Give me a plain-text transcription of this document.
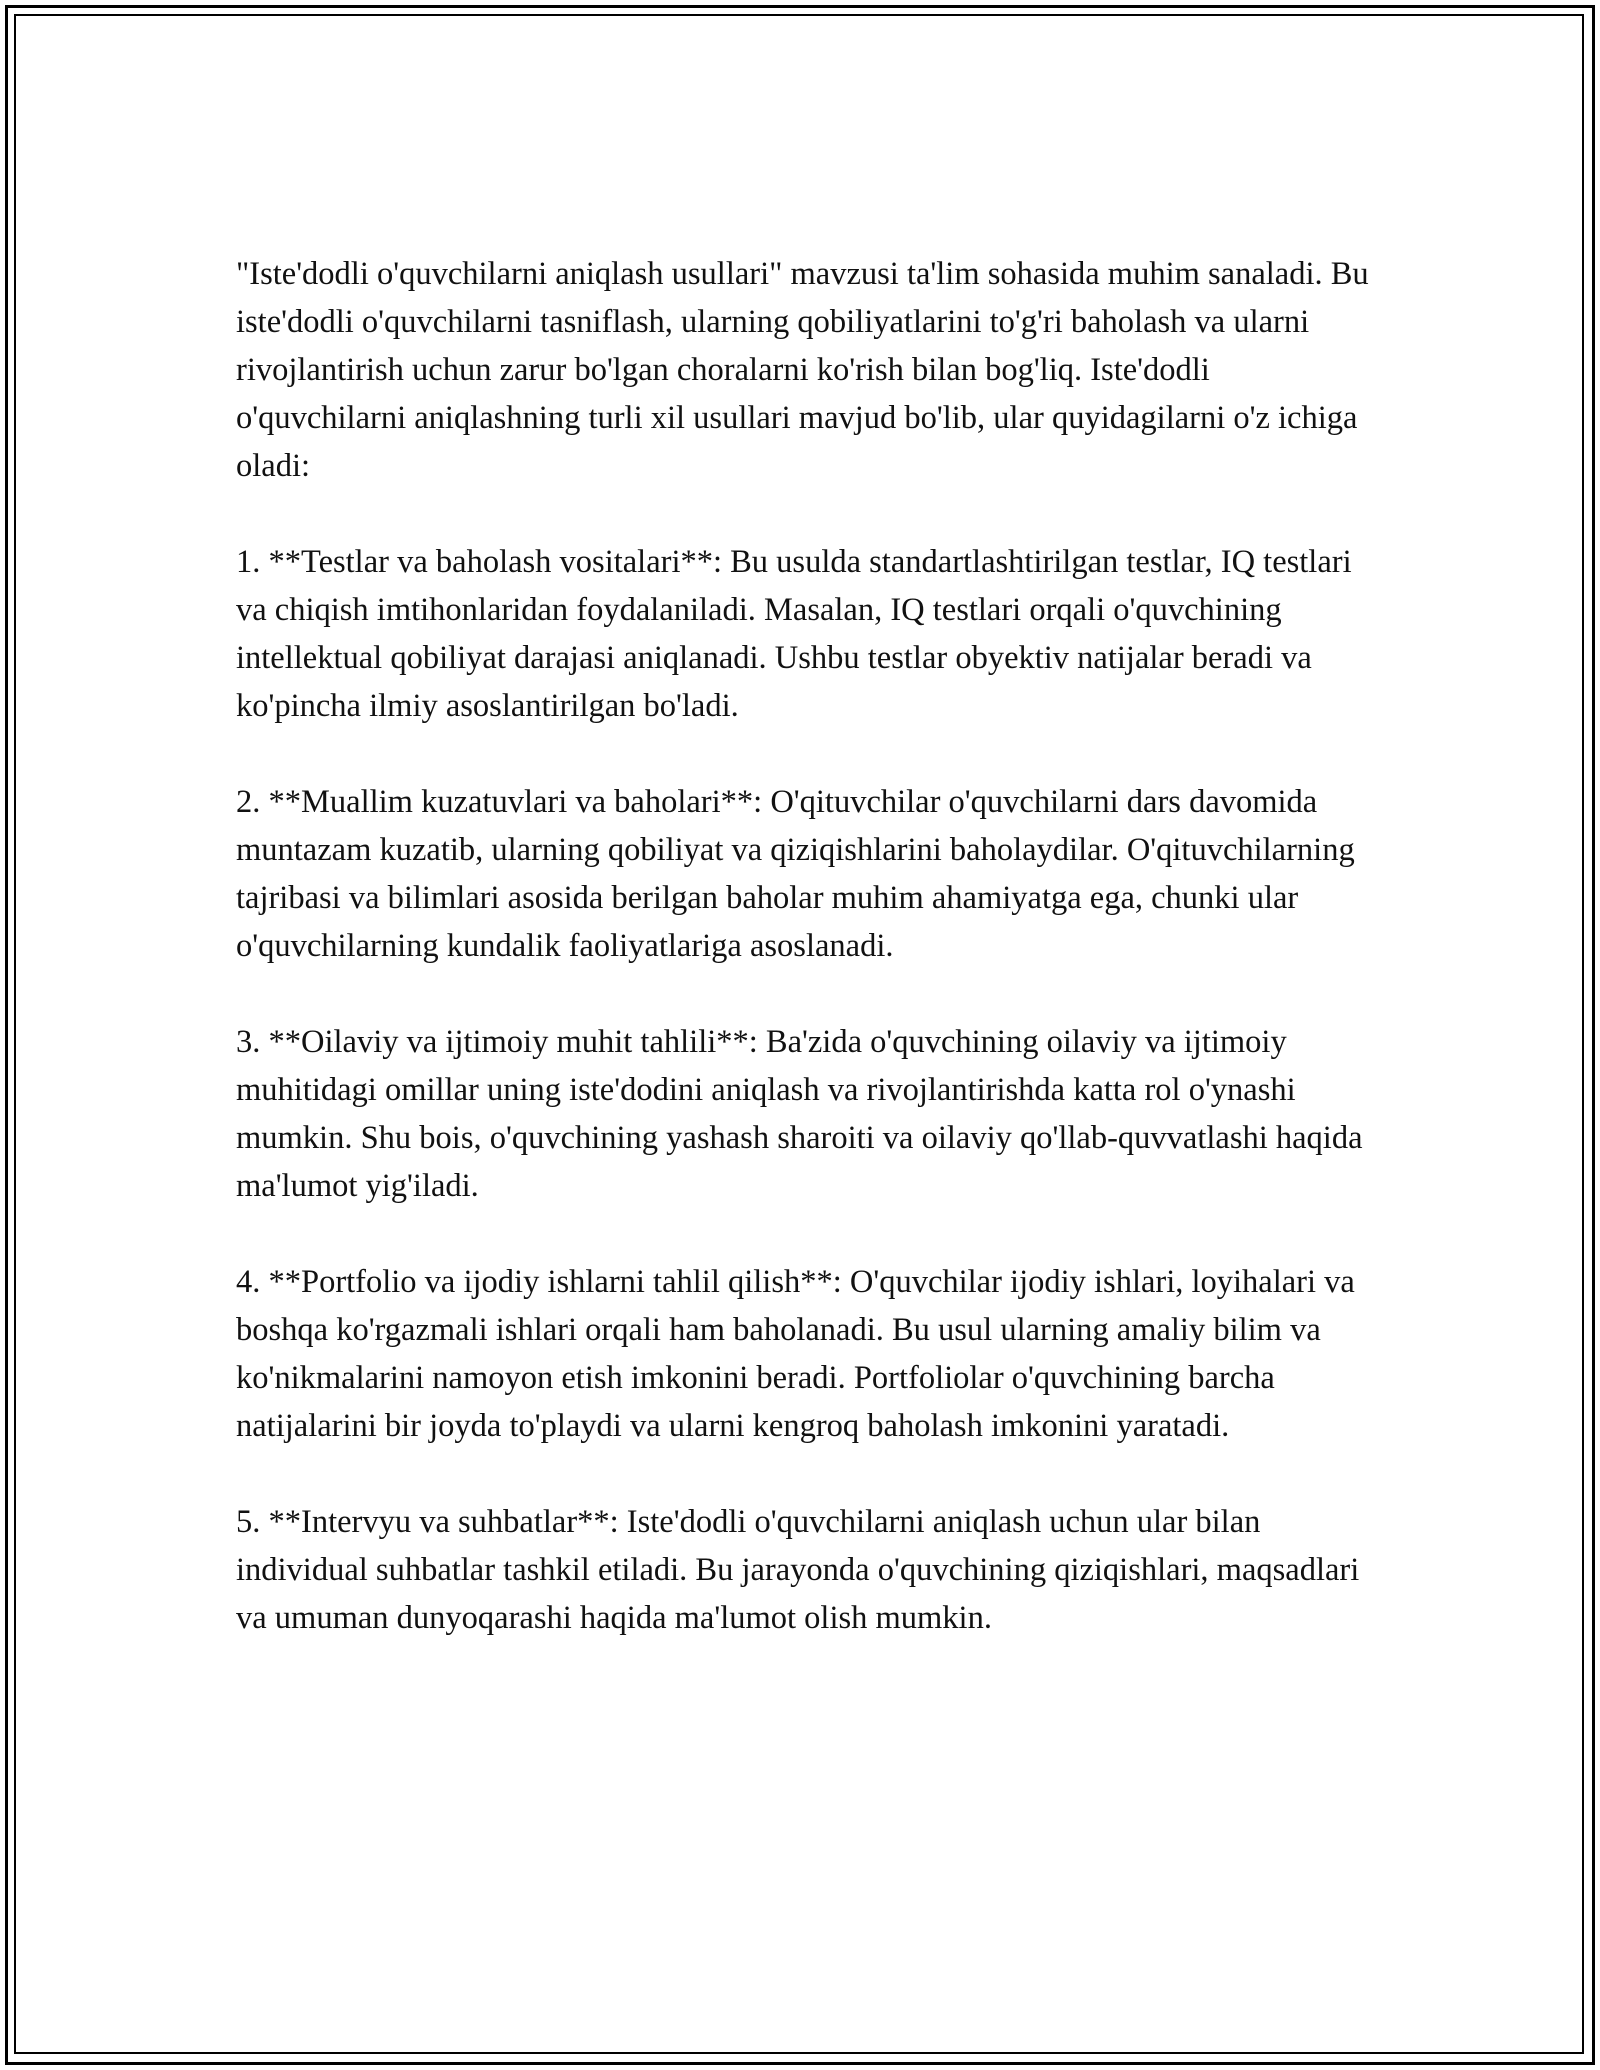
"Iste'dodli o'quvchilarni aniqlash usullari" mavzusi ta'lim sohasida muhim sanaladi. Bu iste'dodli o'quvchilarni tasniflash, ularning qobiliyatlarini to'g'ri baholash va ularni rivojlantirish uchun zarur bo'lgan choralarni ko'rish bilan bog'liq. Iste'dodli o'quvchilarni aniqlashning turli xil usullari mavjud bo'lib, ular quyidagilarni o'z ichiga oladi:

1. **Testlar va baholash vositalari**: Bu usulda standartlashtirilgan testlar, IQ testlari va chiqish imtihonlaridan foydalaniladi. Masalan, IQ testlari orqali o'quvchining intellektual qobiliyat darajasi aniqlanadi. Ushbu testlar obyektiv natijalar beradi va ko'pincha ilmiy asoslantirilgan bo'ladi.

2. **Muallim kuzatuvlari va baholari**: O'qituvchilar o'quvchilarni dars davomida muntazam kuzatib, ularning qobiliyat va qiziqishlarini baholaydilar. O'qituvchilarning tajribasi va bilimlari asosida berilgan baholar muhim ahamiyatga ega, chunki ular o'quvchilarning kundalik faoliyatlariga asoslanadi.

3. **Oilaviy va ijtimoiy muhit tahlili**: Ba'zida o'quvchining oilaviy va ijtimoiy muhitidagi omillar uning iste'dodini aniqlash va rivojlantirishda katta rol o'ynashi mumkin. Shu bois, o'quvchining yashash sharoiti va oilaviy qo'llab-quvvatlashi haqida ma'lumot yig'iladi.

4. **Portfolio va ijodiy ishlarni tahlil qilish**: O'quvchilar ijodiy ishlari, loyihalari va boshqa ko'rgazmali ishlari orqali ham baholanadi. Bu usul ularning amaliy bilim va ko'nikmalarini namoyon etish imkonini beradi. Portfoliolar o'quvchining barcha natijalarini bir joyda to'playdi va ularni kengroq baholash imkonini yaratadi.

5. **Intervyu va suhbatlar**: Iste'dodli o'quvchilarni aniqlash uchun ular bilan individual suhbatlar tashkil etiladi. Bu jarayonda o'quvchining qiziqishlari, maqsadlari va umuman dunyoqarashi haqida ma'lumot olish mumkin.
